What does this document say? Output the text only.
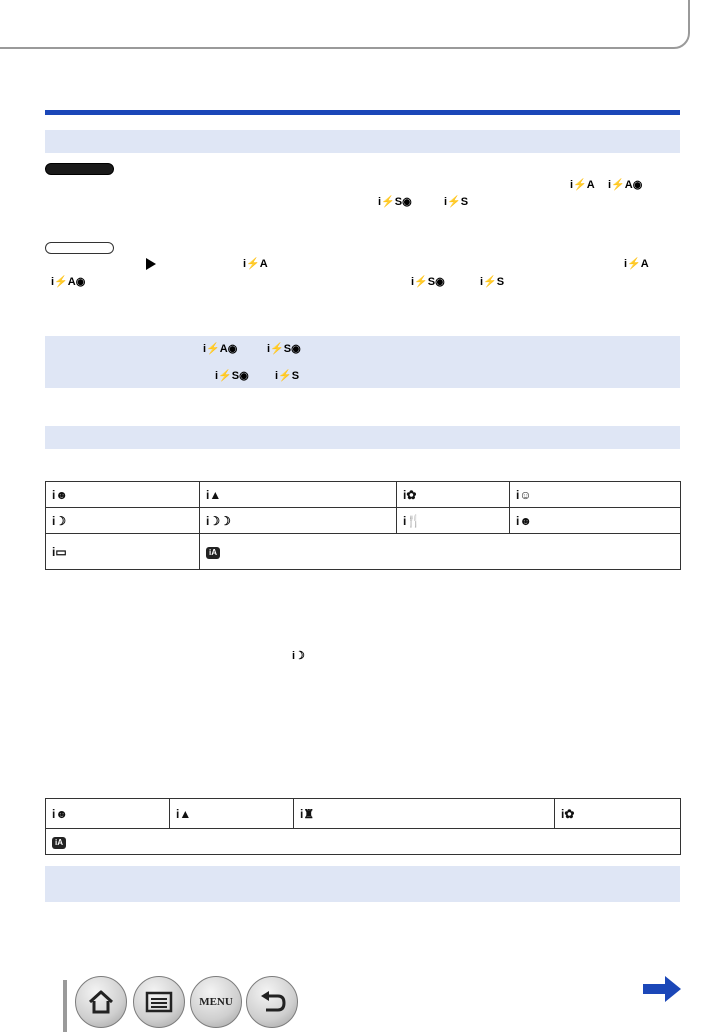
i⚡A i⚡A◉
i⚡S◉	i⚡S
i⚡A	i⚡A
i⚡A◉	i⚡S◉	i⚡S
i⚡A◉	i⚡S◉
i⚡S◉ i⚡S
i☻	i▲	i✿	i☺
i☽	i☽☽	i🍴	i☻
i▭	iA		
i☽
i☻	i▲	i♜	i✿
iA
MENU
